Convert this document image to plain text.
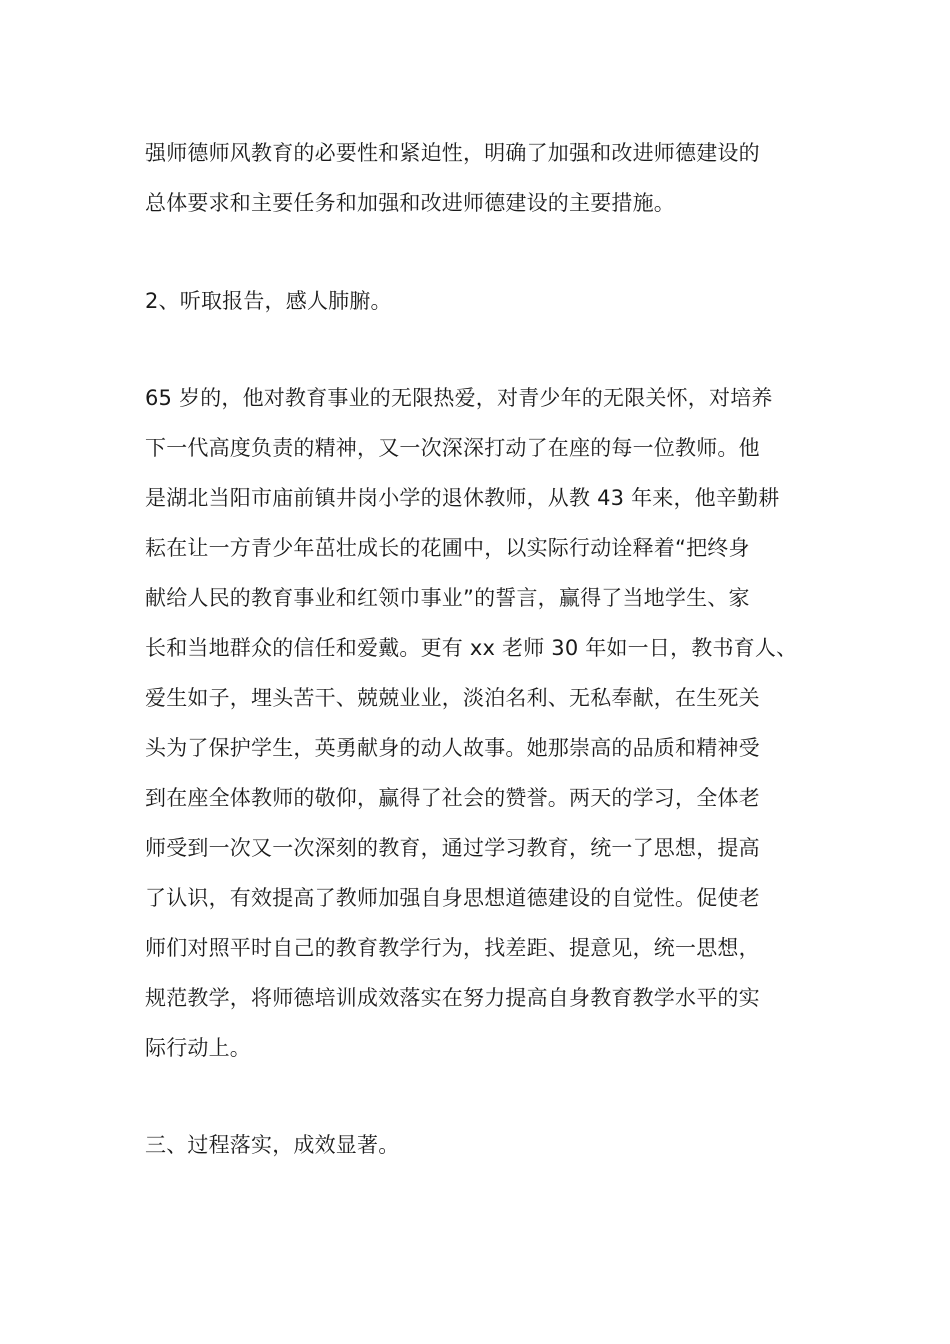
强师德师风教育的必要性和紧迫性，明确了加强和改进师德建设的
总体要求和主要任务和加强和改进师德建设的主要措施。
2、听取报告，感人肺腑。
65 岁的，他对教育事业的无限热爱，对青少年的无限关怀，对培养
下一代高度负责的精神，又一次深深打动了在座的每一位教师。他
是湖北当阳市庙前镇井岗小学的退休教师，从教 43 年来，他辛勤耕
耘在让一方青少年茁壮成长的花圃中，以实际行动诠释着“把终身
献给人民的教育事业和红领巾事业”的誓言，赢得了当地学生、家
长和当地群众的信任和爱戴。更有 xx 老师 30 年如一日，教书育人、
爱生如子，埋头苦干、兢兢业业，淡泊名利、无私奉献，在生死关
头为了保护学生，英勇献身的动人故事。她那崇高的品质和精神受
到在座全体教师的敬仰，赢得了社会的赞誉。两天的学习，全体老
师受到一次又一次深刻的教育，通过学习教育，统一了思想，提高
了认识，有效提高了教师加强自身思想道德建设的自觉性。促使老
师们对照平时自己的教育教学行为，找差距、提意见，统一思想，
规范教学，将师德培训成效落实在努力提高自身教育教学水平的实
际行动上。
三、过程落实，成效显著。
